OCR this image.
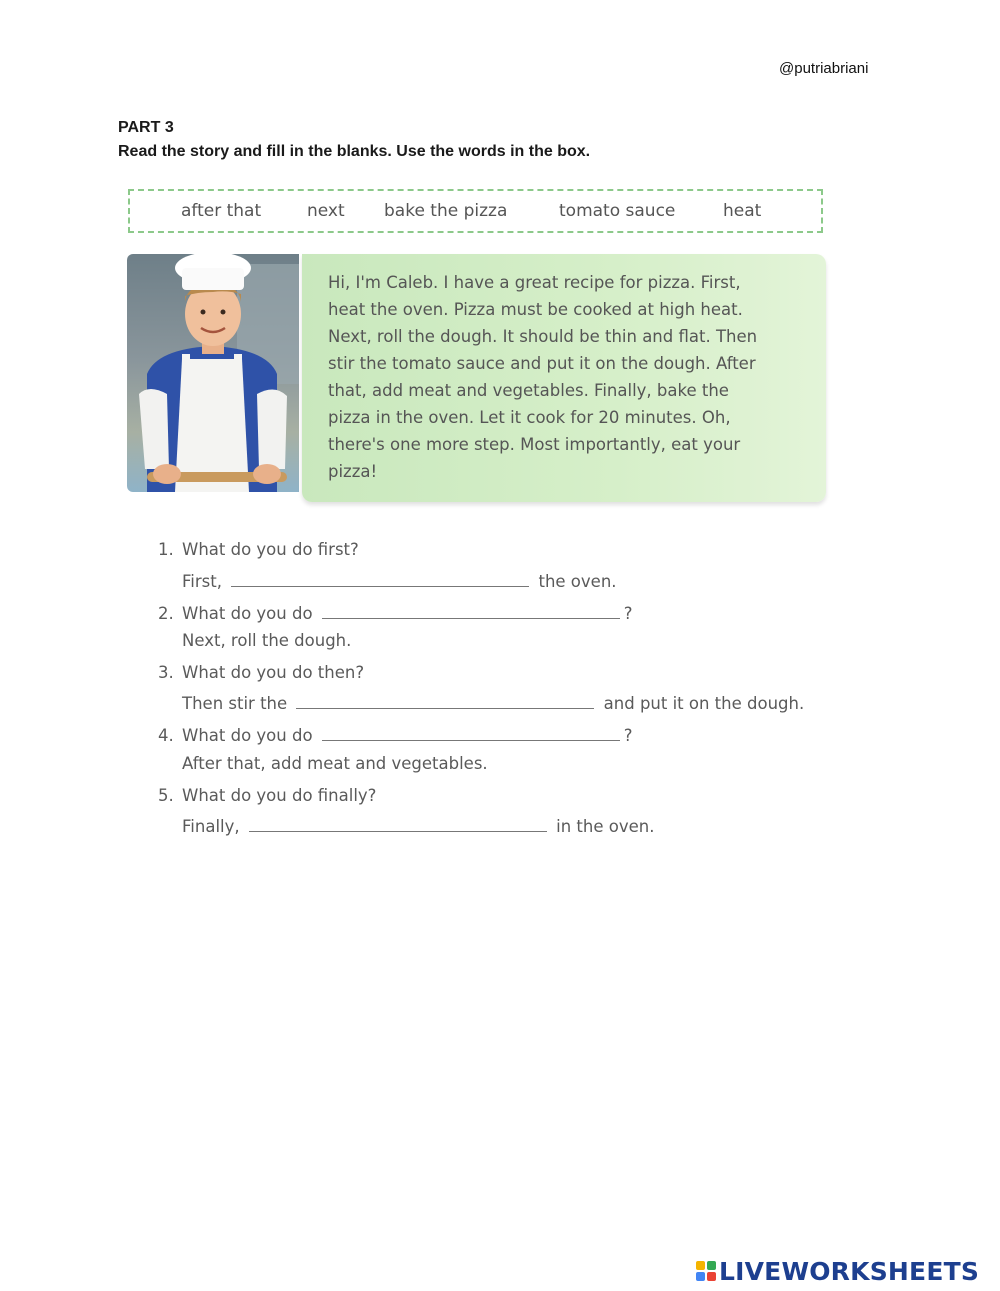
@putriabriani
PART 3
Read the story and fill in the blanks. Use the words in the box.
after that	next bake the pizza	tomato sauce	heat
Hi, I'm Caleb. I have a great recipe for pizza. First,
heat the oven. Pizza must be cooked at high heat.
Next, roll the dough. It should be thin and flat. Then
stir the tomato sauce and put it on the dough. After
that, add meat and vegetables. Finally, bake the
pizza in the oven. Let it cook for 20 minutes. Oh,
there's one more step. Most importantly, eat your
pizza!
1. What do you do first?
First,	the oven.
2. What do you do	?
Next, roll the dough.
3. What do you do then?
Then stir the	and put it on the dough.
4. What do you do	?
After that, add meat and vegetables.
5. What do you do finally?
Finally,	in the oven.
LIVEWORKSHEETS
